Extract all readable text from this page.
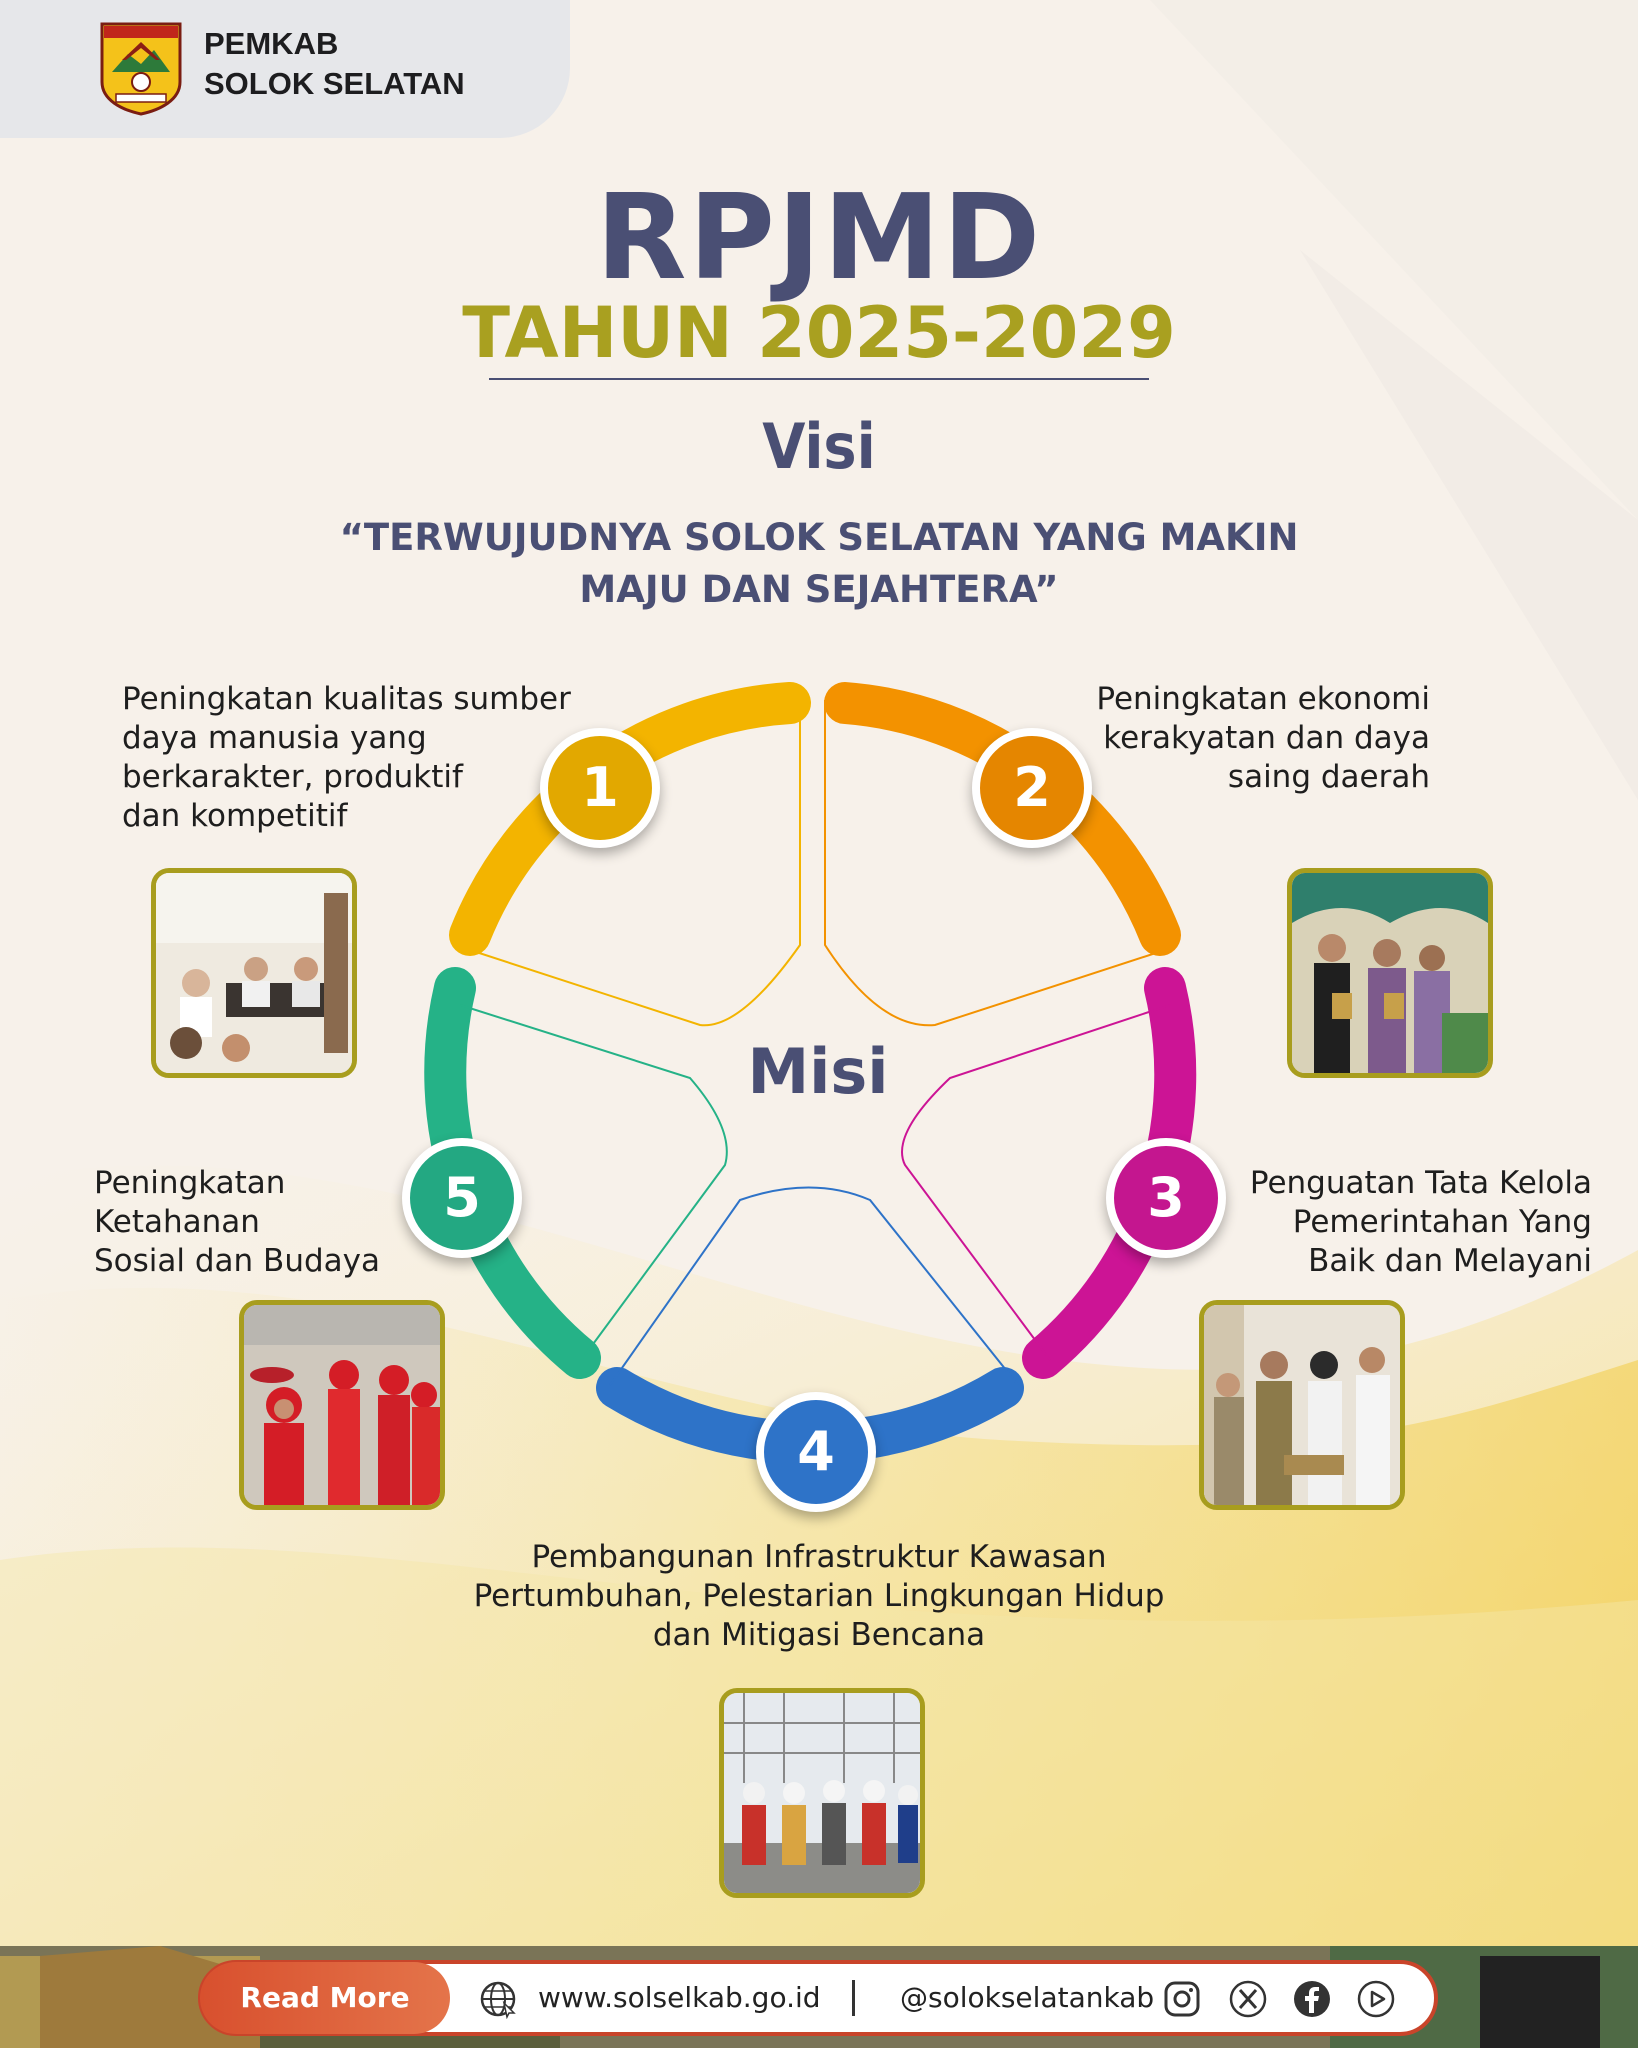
PEMKAB
SOLOK SELATAN
RPJMD
TAHUN 2025-2029
Visi
“TERWUJUDNYA SOLOK SELATAN YANG MAKIN
MAJU DAN SEJAHTERA”
Misi
1	2
3
4
5
Peningkatan kualitas sumber
daya manusia yang
berkarakter, produktif
dan kompetitif
Peningkatan ekonomi
kerakyatan dan daya
saing daerah
Penguatan Tata Kelola
Pemerintahan Yang
Baik dan Melayani
Pembangunan Infrastruktur Kawasan
Pertumbuhan, Pelestarian Lingkungan Hidup
dan Mitigasi Bencana
Peningkatan
Ketahanan
Sosial dan Budaya
Read More	www.solselkab.go.id	@solokselatankab
